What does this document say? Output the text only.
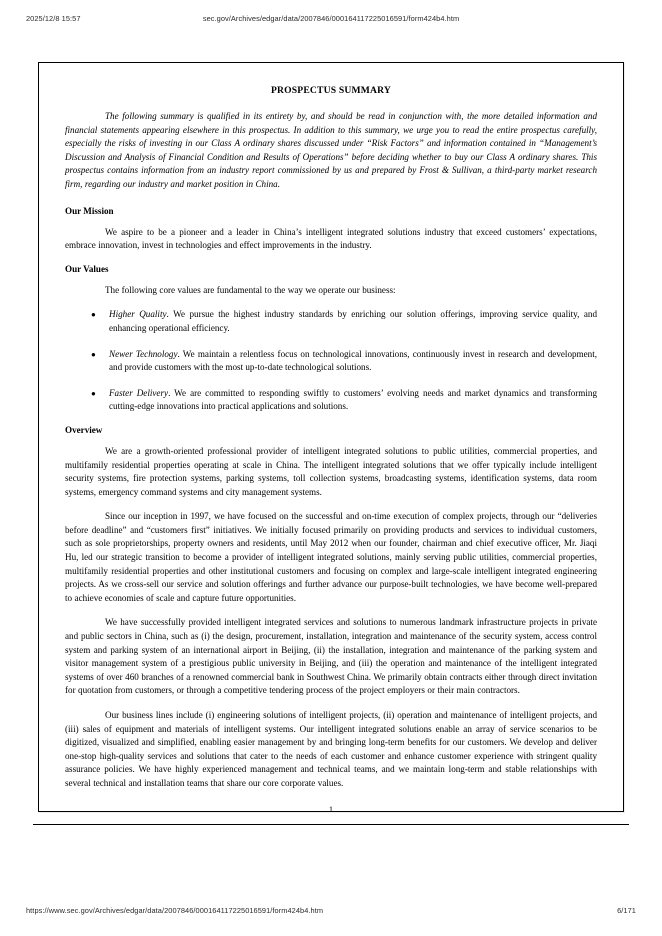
2025/12/8 15:57	sec.gov/Archives/edgar/data/2007846/000164117225016591/form424b4.htm
PROSPECTUS SUMMARY

The following summary is qualified in its entirety by, and should be read in conjunction with, the more detailed information and financial statements appearing elsewhere in this prospectus. In addition to this summary, we urge you to read the entire prospectus carefully, especially the risks of investing in our Class A ordinary shares discussed under “Risk Factors” and information contained in “Management’s Discussion and Analysis of Financial Condition and Results of Operations” before deciding whether to buy our Class A ordinary shares. This prospectus contains information from an industry report commissioned by us and prepared by Frost & Sullivan, a third-party market research firm, regarding our industry and market position in China.

Our Mission

We aspire to be a pioneer and a leader in China’s intelligent integrated solutions industry that exceed customers’ expectations, embrace innovation, invest in technologies and effect improvements in the industry.

Our Values

The following core values are fundamental to the way we operate our business:

● Higher Quality. We pursue the highest industry standards by enriching our solution offerings, improving service quality, and enhancing operational efficiency.
● Newer Technology. We maintain a relentless focus on technological innovations, continuously invest in research and development, and provide customers with the most up-to-date technological solutions.
● Faster Delivery. We are committed to responding swiftly to customers’ evolving needs and market dynamics and transforming cutting-edge innovations into practical applications and solutions.
Overview

We are a growth-oriented professional provider of intelligent integrated solutions to public utilities, commercial properties, and multifamily residential properties operating at scale in China. The intelligent integrated solutions that we offer typically include intelligent security systems, fire protection systems, parking systems, toll collection systems, broadcasting systems, identification systems, data room systems, emergency command systems and city management systems.

Since our inception in 1997, we have focused on the successful and on-time execution of complex projects, through our “deliveries before deadline” and “customers first” initiatives. We initially focused primarily on providing products and services to individual customers, such as sole proprietorships, property owners and residents, until May 2012 when our founder, chairman and chief executive officer, Mr. Jiaqi Hu, led our strategic transition to become a provider of intelligent integrated solutions, mainly serving public utilities, commercial properties, multifamily residential properties and other institutional customers and focusing on complex and large-scale intelligent integrated engineering projects. As we cross-sell our service and solution offerings and further advance our purpose-built technologies, we have become well-prepared to achieve economies of scale and capture future opportunities.

We have successfully provided intelligent integrated services and solutions to numerous landmark infrastructure projects in private and public sectors in China, such as (i) the design, procurement, installation, integration and maintenance of the security system, access control system and parking system of an international airport in Beijing, (ii) the installation, integration and maintenance of the parking system and visitor management system of a prestigious public university in Beijing, and (iii) the operation and maintenance of the intelligent integrated systems of over 460 branches of a renowned commercial bank in Southwest China. We primarily obtain contracts either through direct invitation for quotation from customers, or through a competitive tendering process of the project employers or their main contractors.

Our business lines include (i) engineering solutions of intelligent projects, (ii) operation and maintenance of intelligent projects, and (iii) sales of equipment and materials of intelligent systems. Our intelligent integrated solutions enable an array of service scenarios to be digitized, visualized and simplified, enabling easier management by and bringing long-term benefits for our customers. We develop and deliver one-stop high-quality services and solutions that cater to the needs of each customer and enhance customer experience with stringent quality assurance policies. We have highly experienced management and technical teams, and we maintain long-term and stable relationships with several technical and installation teams that share our core corporate values.

1
https://www.sec.gov/Archives/edgar/data/2007846/000164117225016591/form424b4.htm	6/171
